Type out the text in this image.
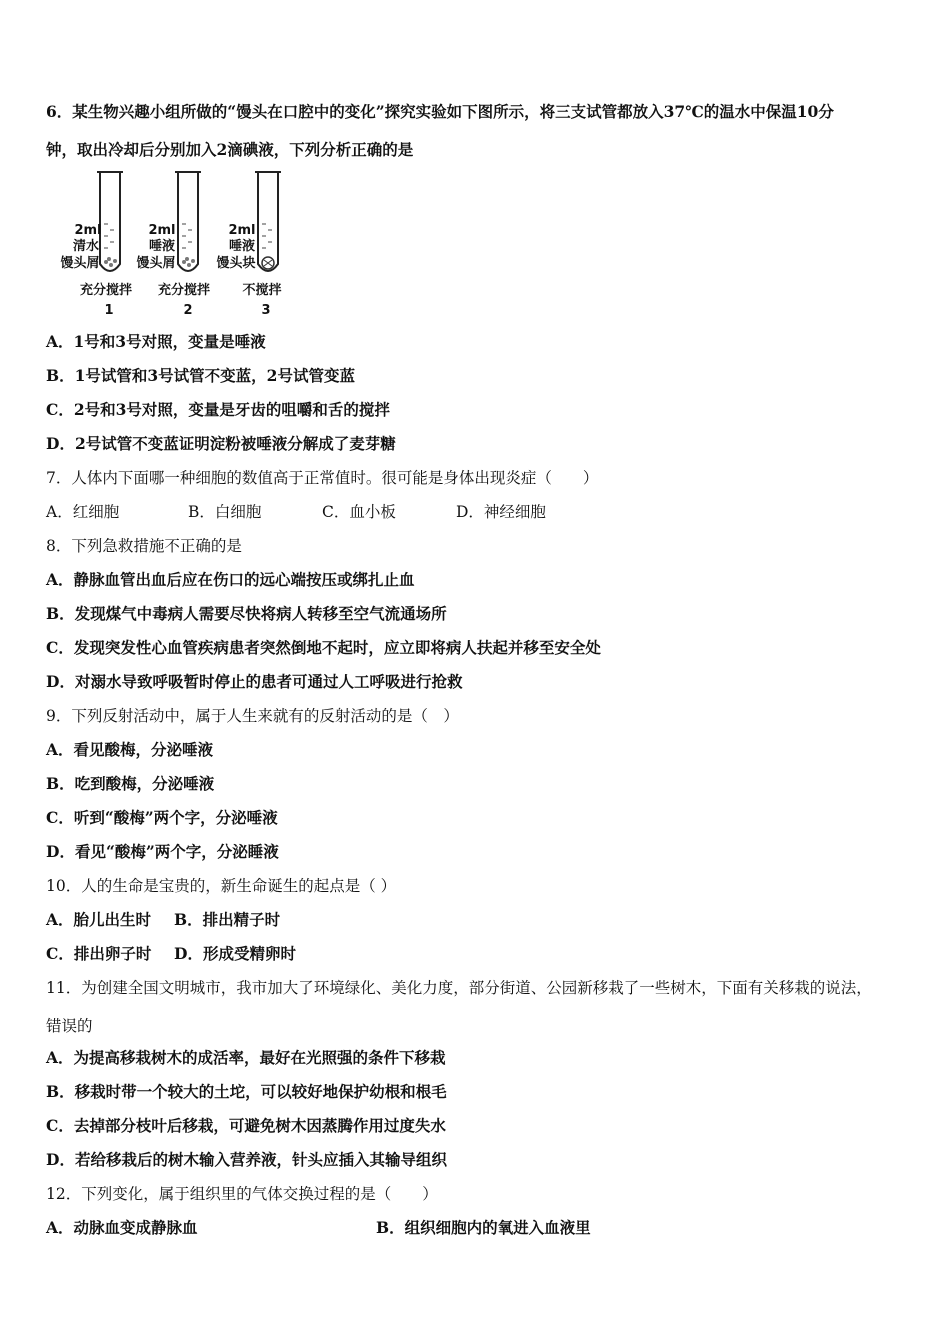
6．某生物兴趣小组所做的“馒头在口腔中的变化”探究实验如下图所示，将三支试管都放入37℃的温水中保温10分
钟，取出冷却后分别加入2滴碘液，下列分析正确的是
2ml
清水
馒头屑
充分搅拌
1
2ml
唾液
馒头屑
充分搅拌
2
2ml
唾液
馒头块
不搅拌
3
A．1号和3号对照，变量是唾液
B．1号试管和3号试管不变蓝，2号试管变蓝
C．2号和3号对照，变量是牙齿的咀嚼和舌的搅拌
D．2号试管不变蓝证明淀粉被唾液分解成了麦芽糖
7．人体内下面哪一种细胞的数值高于正常值时。很可能是身体出现炎症（　　）
A．红细胞	B．白细胞	C．血小板	D．神经细胞
8．下列急救措施不正确的是
A．静脉血管出血后应在伤口的远心端按压或绑扎止血
B．发现煤气中毒病人需要尽快将病人转移至空气流通场所
C．发现突发性心血管疾病患者突然倒地不起时，应立即将病人扶起并移至安全处
D．对溺水导致呼吸暂时停止的患者可通过人工呼吸进行抢救
9．下列反射活动中，属于人生来就有的反射活动的是（　）
A．看见酸梅，分泌唾液
B．吃到酸梅，分泌唾液
C．听到“酸梅”两个字，分泌唾液
D．看见“酸梅”两个字，分泌睡液
10．人的生命是宝贵的，新生命诞生的起点是（ ）
A．胎儿出生时 B．排出精子时
C．排出卵子时 D．形成受精卵时
11．为创建全国文明城市，我市加大了环境绿化、美化力度，部分街道、公园新移栽了一些树木，下面有关移栽的说法，
错误的
A．为提高移栽树木的成活率，最好在光照强的条件下移栽
B．移栽时带一个较大的土坨，可以较好地保护幼根和根毛
C．去掉部分枝叶后移栽，可避免树木因蒸腾作用过度失水
D．若给移栽后的树木输入营养液，针头应插入其输导组织
12．下列变化，属于组织里的气体交换过程的是（　　）
A．动脉血变成静脉血	B．组织细胞内的氧进入血液里
